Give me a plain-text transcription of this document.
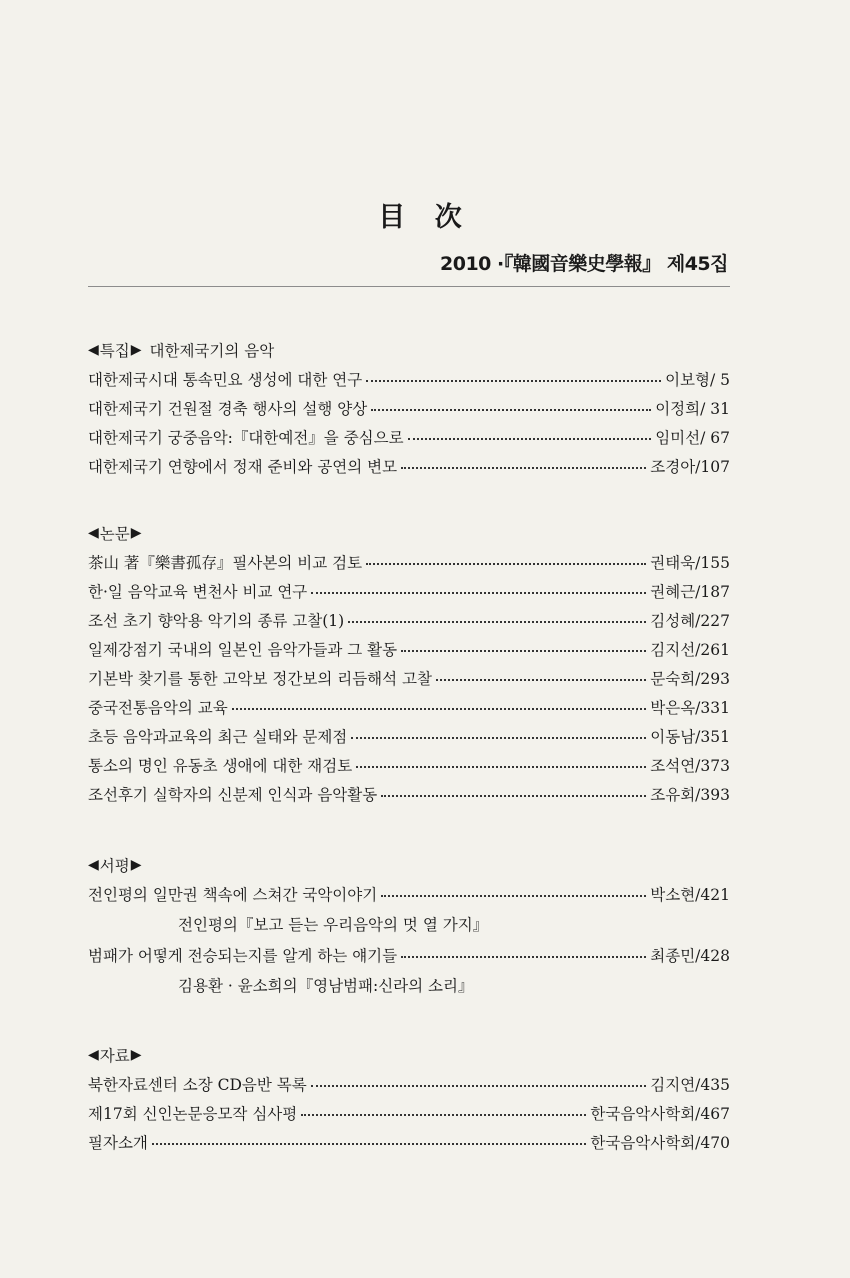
目 次
2010 ·『韓國音樂史學報』 제45집
◀ 특집 ▶ 대한제국기의 음악
대한제국시대 통속민요 생성에 대한 연구	이보형/ 5
대한제국기 건원절 경축 행사의 설행 양상	이정희/ 31
대한제국기 궁중음악:『대한예전』을 중심으로	임미선/ 67
대한제국기 연향에서 정재 준비와 공연의 변모	조경아/107
◀ 논문 ▶
茶山 著『樂書孤存』필사본의 비교 검토	권태욱/155
한·일 음악교육 변천사 비교 연구	권혜근/187
조선 초기 향악용 악기의 종류 고찰(1)	김성혜/227
일제강점기 국내의 일본인 음악가들과 그 활동	김지선/261
기본박 찾기를 통한 고악보 정간보의 리듬해석 고찰	문숙희/293
중국전통음악의 교육	박은옥/331
초등 음악과교육의 최근 실태와 문제점	이동남/351
통소의 명인 유동초 생애에 대한 재검토	조석연/373
조선후기 실학자의 신분제 인식과 음악활동	조유회/393
◀ 서평 ▶
전인평의 일만권 책속에 스쳐간 국악이야기	박소현/421
전인평의『보고 듣는 우리음악의 멋 열 가지』
범패가 어떻게 전승되는지를 알게 하는 얘기들	최종민/428
김용환 · 윤소희의『영남범패:신라의 소리』
◀ 자료 ▶
북한자료센터 소장 CD음반 목록	김지연/435
제17회 신인논문응모작 심사평	한국음악사학회/467
필자소개	한국음악사학회/470
